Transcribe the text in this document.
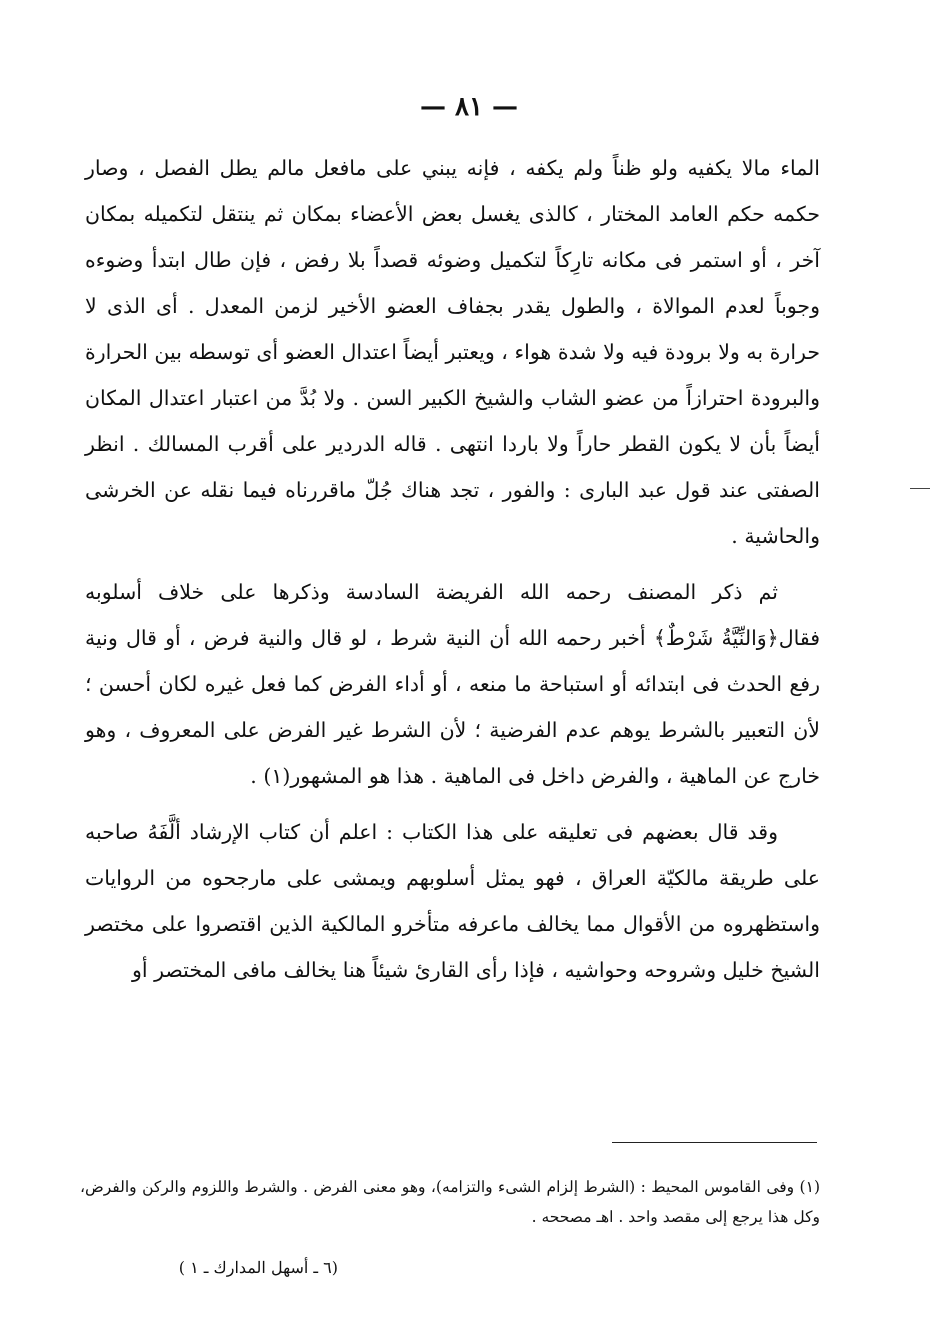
— ٨١ —

الماء مالا يكفيه ولو ظناً ولم يكفه ، فإنه يبني على مافعل مالم يطل الفصل ، وصار حكمه حكم العامد المختار ، كالذى يغسل بعض الأعضاء بمكان ثم ينتقل لتكميله بمكان آخر ، أو استمر فى مكانه تارِكاً لتكميل وضوئه قصداً بلا رفض ، فإن طال ابتدأ وضوءه وجوباً لعدم الموالاة ، والطول يقدر بجفاف العضو الأخير لزمن المعدل . أى الذى لا حرارة به ولا برودة فيه ولا شدة هواء ، ويعتبر أيضاً اعتدال العضو أى توسطه بين الحرارة والبرودة احترازاً من عضو الشاب والشيخ الكبير السن . ولا بُدَّ من اعتبار اعتدال المكان أيضاً بأن لا يكون القطر حاراً ولا باردا انتهى . قاله الدردير على أقرب المسالك . انظر الصفتى عند قول عبد البارى : والفور ، تجد هناك جُلّ ماقررناه فيما نقله عن الخرشى والحاشية .

ثم ذكر المصنف رحمه الله الفريضة السادسة وذكرها على خلاف أسلوبه فقال﴿وَالنِّيَّةُ شَرْطٌ﴾ أخبر رحمه الله أن النية شرط ، لو قال والنية فرض ، أو قال ونية رفع الحدث فى ابتدائه أو استباحة ما منعه ، أو أداء الفرض كما فعل غيره لكان أحسن ؛ لأن التعبير بالشرط يوهم عدم الفرضية ؛ لأن الشرط غير الفرض على المعروف ، وهو خارج عن الماهية ، والفرض داخل فى الماهية . هذا هو المشهور(١) .

وقد قال بعضهم فى تعليقه على هذا الكتاب : اعلم أن كتاب الإرشاد ألَّفَهُ صاحبه على طريقة مالكيّة العراق ، فهو يمثل أسلوبهم ويمشى على مارجحوه من الروايات واستظهروه من الأقوال مما يخالف ماعرفه متأخرو المالكية الذين اقتصروا على مختصر الشيخ خليل وشروحه وحواشيه ، فإذا رأى القارئ شيئاً هنا يخالف مافى المختصر أو

(١) وفى القاموس المحيط : (الشرط إلزام الشىء والتزامه)، وهو معنى الفرض . والشرط واللزوم والركن والفرض، وكل هذا يرجع إلى مقصد واحد . اهـ مصححه .

(٦ ـ أسهل المدارك ـ ١ )
